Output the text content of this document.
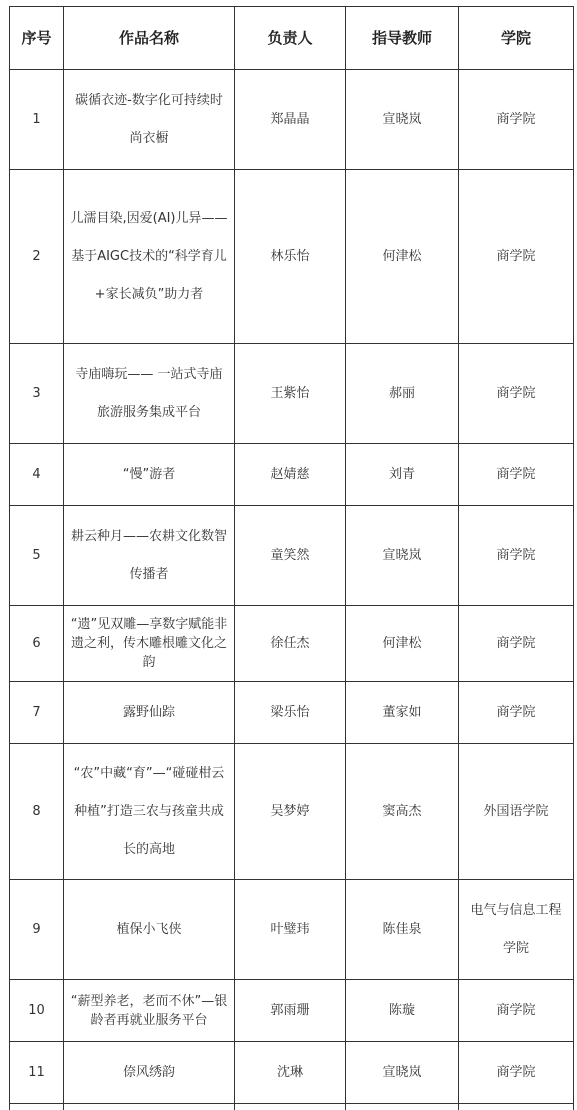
序号	作品名称	负责人	指导教师	学院
1	碳循衣迹-数字化可持续时尚衣橱	郑晶晶	宣晓岚	商学院
2	儿濡目染,因爱(AI)儿异——基于AIGC技术的“科学育儿+家长减负”助力者	林乐怡	何津松	商学院
3	寺庙嗨玩—— 一站式寺庙旅游服务集成平台	王紫怡	郝丽	商学院
4	“慢”游者	赵婧慈	刘青	商学院
5	耕云种月——农耕文化数智传播者	童笑然	宣晓岚	商学院
6	“遗”见双雕—享数字赋能非遗之利，传木雕根雕文化之韵	徐任杰	何津松	商学院
7	露野仙踪	梁乐怡	董家如	商学院
8	“农”中藏“育”—“碰碰柑云种植”打造三农与孩童共成长的高地	吴梦婷	窦高杰	外国语学院
9	植保小飞侠	叶璧玮	陈佳泉	电气与信息工程学院
10	“薪型养老，老而不休”—银龄者再就业服务平台	郭雨珊	陈璇	商学院
11	倷风绣韵	沈琳	宣晓岚	商学院
